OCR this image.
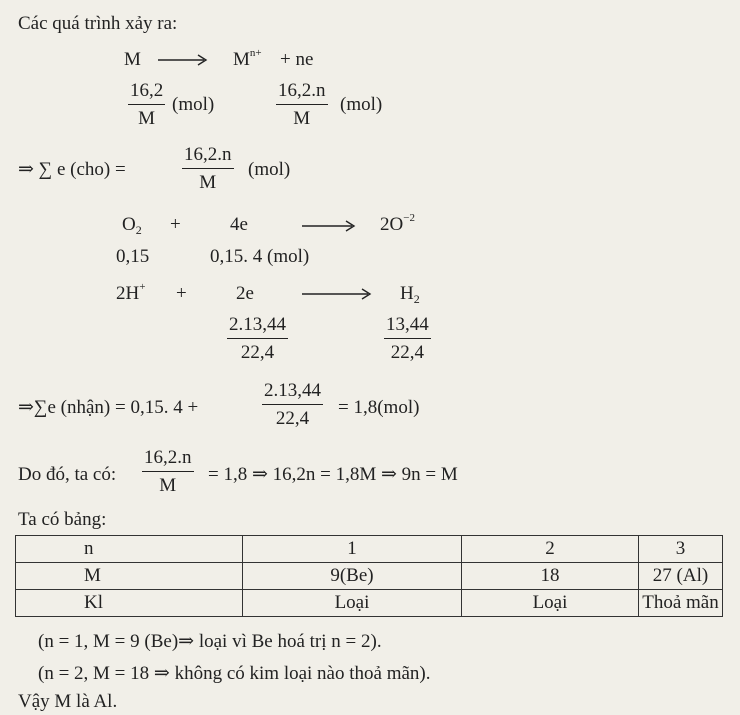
Các quá trình xảy ra:
M	$M^{n+}$ + ne
$\frac{16,2}{M} (mol)$	$\frac{16,2.n}{M} (mol)$
⇒ ∑ e (cho) =	$\frac{16,2.n}{M} (mol)$
$O_2$ +	4e	$2O^{-2}$
0,15	0,15. 4 (mol)
2H+ +	2e	$H_2$
$\frac{2.13,44}{22,4}$	$\frac{13,44}{22,4}$
⇒∑e (nhận) = 0,15. 4 +	$\frac{2.13,44}{22,4} = 1,8(mol)$
Do đó, ta có: $\frac{16,2.n}{M} = 1,8$ ⇒ 16,2n = 1,8M ⇒ 9n = M
Ta có bảng:
n	1	2	3
M	9(Be)	18	27 (Al)
Kl	Loại	Loại	Thoả mãn
(n = 1, M = 9 (Be)⇒ loại vì Be hoá trị n = 2).
(n = 2, M = 18 ⇒ không có kim loại nào thoả mãn).
Vậy M là Al.
